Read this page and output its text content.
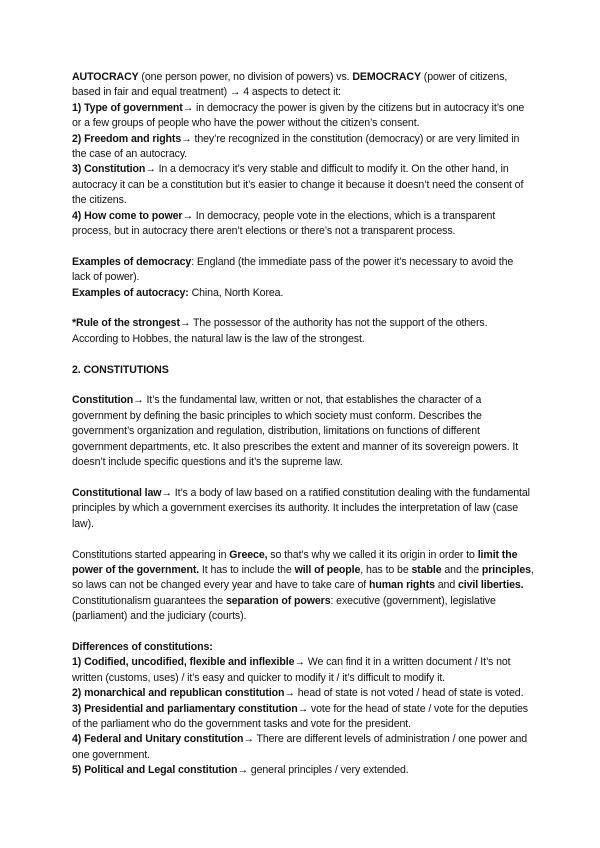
AUTOCRACY (one person power, no division of powers) vs. DEMOCRACY (power of citizens, based in fair and equal treatment) → 4 aspects to detect it:

1) Type of government→ in democracy the power is given by the citizens but in autocracy it’s one or a few groups of people who have the power without the citizen’s consent.

2) Freedom and rights→ they’re recognized in the constitution (democracy) or are very limited in the case of an autocracy.

3) Constitution→ In a democracy it’s very stable and difficult to modify it. On the other hand, in autocracy it can be a constitution but it’s easier to change it because it doesn’t need the consent of the citizens.

4) How come to power→ In democracy, people vote in the elections, which is a transparent process, but in autocracy there aren’t elections or there’s not a transparent process.

Examples of democracy: England (the immediate pass of the power it’s necessary to avoid the lack of power).

Examples of autocracy: China, North Korea.

*Rule of the strongest→ The possessor of the authority has not the support of the others. According to Hobbes, the natural law is the law of the strongest.

2. CONSTITUTIONS

Constitution→ It’s the fundamental law, written or not, that establishes the character of a government by defining the basic principles to which society must conform. Describes the government’s organization and regulation, distribution, limitations on functions of different government departments, etc. It also prescribes the extent and manner of its sovereign powers. It doesn’t include specific questions and it’s the supreme law.

Constitutional law→ It’s a body of law based on a ratified constitution dealing with the fundamental principles by which a government exercises its authority. It includes the interpretation of law (case law).

Constitutions started appearing in Greece, so that’s why we called it its origin in order to limit the power of the government. It has to include the will of people, has to be stable and the principles, so laws can not be changed every year and have to take care of human rights and civil liberties. Constitutionalism guarantees the separation of powers: executive (government), legislative (parliament) and the judiciary (courts).

Differences of constitutions:

1) Codified, uncodified, flexible and inflexible→ We can find it in a written document / It’s not written (customs, uses) / it’s easy and quicker to modify it / it’s difficult to modify it.

2) monarchical and republican constitution→ head of state is not voted / head of state is voted.

3) Presidential and parliamentary constitution→ vote for the head of state / vote for the deputies of the parliament who do the government tasks and vote for the president.

4) Federal and Unitary constitution→ There are different levels of administration / one power and one government.

5) Political and Legal constitution→ general principles / very extended.
